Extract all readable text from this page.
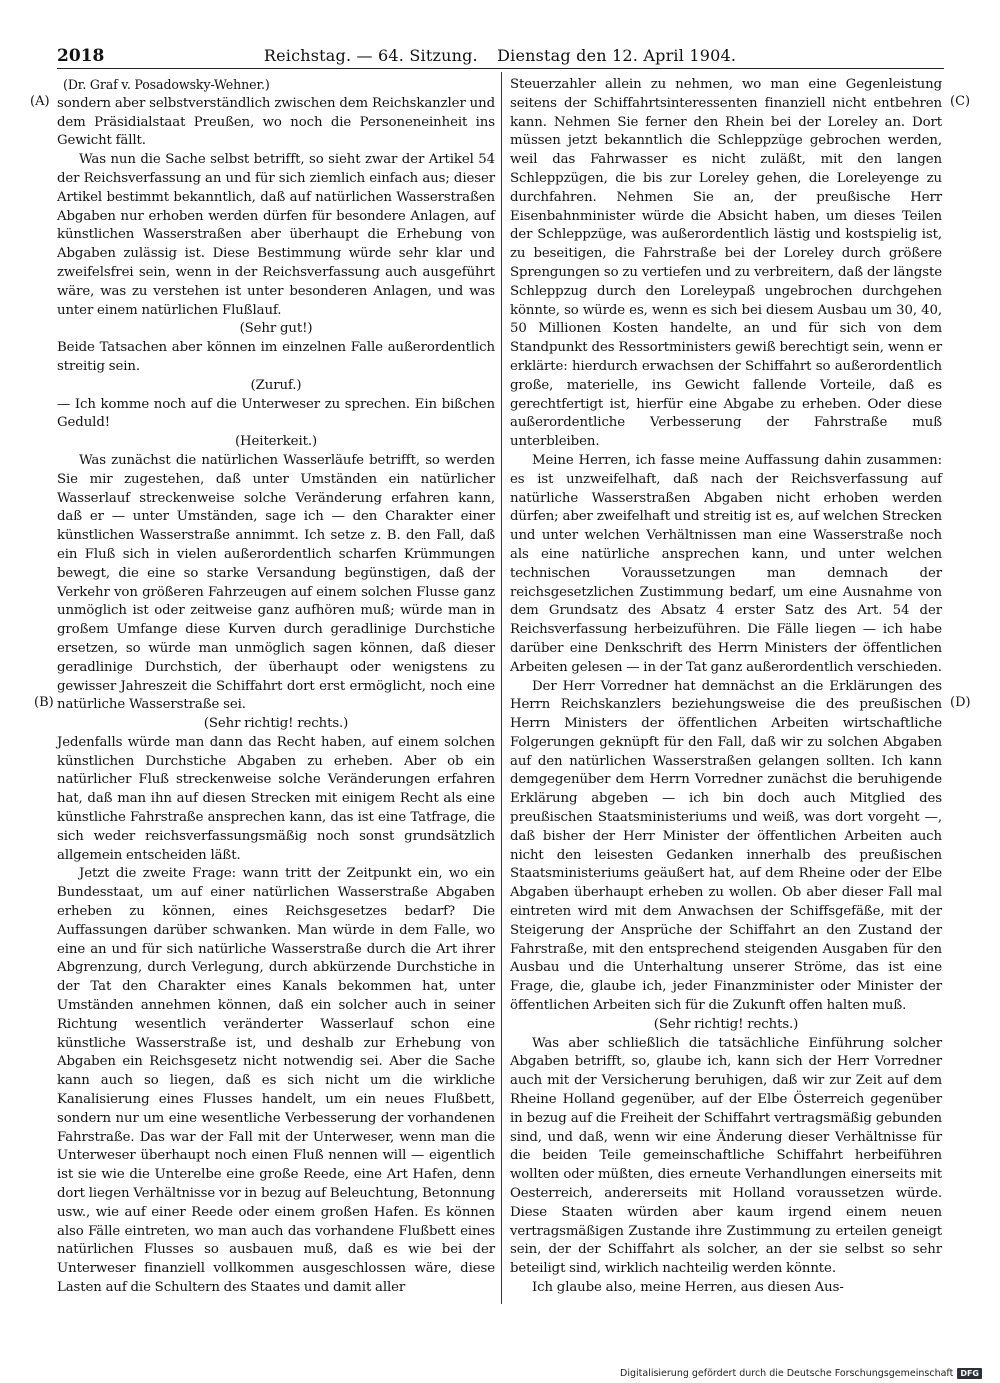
2018	Reichstag. — 64. Sitzung. Dienstag den 12. April 1904.
(A)
(B)
(C)
(D)
(Dr. Graf v. Posadowsky-Wehner.)

sondern aber selbstverständlich zwischen dem Reichskanzler und dem Präsidialstaat Preußen, wo noch die Personeneinheit ins Gewicht fällt.

Was nun die Sache selbst betrifft, so sieht zwar der Artikel 54 der Reichsverfassung an und für sich ziemlich einfach aus; dieser Artikel bestimmt bekanntlich, daß auf natürlichen Wasserstraßen Abgaben nur erhoben werden dürfen für besondere Anlagen, auf künstlichen Wasserstraßen aber überhaupt die Erhebung von Abgaben zulässig ist. Diese Bestimmung würde sehr klar und zweifelsfrei sein, wenn in der Reichsverfassung auch ausgeführt wäre, was zu verstehen ist unter besonderen Anlagen, und was unter einem natürlichen Flußlauf.

(Sehr gut!)

Beide Tatsachen aber können im einzelnen Falle außerordentlich streitig sein.

(Zuruf.)

— Ich komme noch auf die Unterweser zu sprechen. Ein bißchen Geduld!

(Heiterkeit.)

Was zunächst die natürlichen Wasserläufe betrifft, so werden Sie mir zugestehen, daß unter Umständen ein natürlicher Wasserlauf streckenweise solche Veränderung erfahren kann, daß er — unter Umständen, sage ich — den Charakter einer künstlichen Wasserstraße annimmt. Ich setze z. B. den Fall, daß ein Fluß sich in vielen außerordentlich scharfen Krümmungen bewegt, die eine so starke Versandung begünstigen, daß der Verkehr von größeren Fahrzeugen auf einem solchen Flusse ganz unmöglich ist oder zeitweise ganz aufhören muß; würde man in großem Umfange diese Kurven durch geradlinige Durchstiche ersetzen, so würde man unmöglich sagen können, daß dieser geradlinige Durchstich, der überhaupt oder wenigstens zu gewisser Jahreszeit die Schiffahrt dort erst ermöglicht, noch eine natürliche Wasserstraße sei.

(Sehr richtig! rechts.)

Jedenfalls würde man dann das Recht haben, auf einem solchen künstlichen Durchstiche Abgaben zu erheben. Aber ob ein natürlicher Fluß streckenweise solche Veränderungen erfahren hat, daß man ihn auf diesen Strecken mit einigem Recht als eine künstliche Fahrstraße ansprechen kann, das ist eine Tatfrage, die sich weder reichsverfassungsmäßig noch sonst grundsätzlich allgemein entscheiden läßt.

Jetzt die zweite Frage: wann tritt der Zeitpunkt ein, wo ein Bundesstaat, um auf einer natürlichen Wasserstraße Abgaben erheben zu können, eines Reichsgesetzes bedarf? Die Auffassungen darüber schwanken. Man würde in dem Falle, wo eine an und für sich natürliche Wasserstraße durch die Art ihrer Abgrenzung, durch Verlegung, durch abkürzende Durchstiche in der Tat den Charakter eines Kanals bekommen hat, unter Umständen annehmen können, daß ein solcher auch in seiner Richtung wesentlich veränderter Wasserlauf schon eine künstliche Wasserstraße ist, und deshalb zur Erhebung von Abgaben ein Reichsgesetz nicht notwendig sei. Aber die Sache kann auch so liegen, daß es sich nicht um die wirkliche Kanalisierung eines Flusses handelt, um ein neues Flußbett, sondern nur um eine wesentliche Verbesserung der vorhandenen Fahrstraße. Das war der Fall mit der Unterweser, wenn man die Unterweser überhaupt noch einen Fluß nennen will — eigentlich ist sie wie die Unterelbe eine große Reede, eine Art Hafen, denn dort liegen Verhältnisse vor in bezug auf Beleuchtung, Betonnung usw., wie auf einer Reede oder einem großen Hafen. Es können also Fälle eintreten, wo man auch das vorhandene Flußbett eines natürlichen Flusses so ausbauen muß, daß es wie bei der Unterweser finanziell vollkommen ausgeschlossen wäre, diese Lasten auf die Schultern des Staates und damit aller

Steuerzahler allein zu nehmen, wo man eine Gegenleistung seitens der Schiffahrtsinteressenten finanziell nicht entbehren kann. Nehmen Sie ferner den Rhein bei der Loreley an. Dort müssen jetzt bekanntlich die Schleppzüge gebrochen werden, weil das Fahrwasser es nicht zuläßt, mit den langen Schleppzügen, die bis zur Loreley gehen, die Loreleyenge zu durchfahren. Nehmen Sie an, der preußische Herr Eisenbahnminister würde die Absicht haben, um dieses Teilen der Schleppzüge, was außerordentlich lästig und kostspielig ist, zu beseitigen, die Fahrstraße bei der Loreley durch größere Sprengungen so zu vertiefen und zu verbreitern, daß der längste Schleppzug durch den Loreleypaß ungebrochen durchgehen könnte, so würde es, wenn es sich bei diesem Ausbau um 30, 40, 50 Millionen Kosten handelte, an und für sich von dem Standpunkt des Ressortministers gewiß berechtigt sein, wenn er erklärte: hierdurch erwachsen der Schiffahrt so außerordentlich große, materielle, ins Gewicht fallende Vorteile, daß es gerechtfertigt ist, hierfür eine Abgabe zu erheben. Oder diese außerordentliche Verbesserung der Fahrstraße muß unterbleiben.

Meine Herren, ich fasse meine Auffassung dahin zusammen: es ist unzweifelhaft, daß nach der Reichsverfassung auf natürliche Wasserstraßen Abgaben nicht erhoben werden dürfen; aber zweifelhaft und streitig ist es, auf welchen Strecken und unter welchen Verhältnissen man eine Wasserstraße noch als eine natürliche ansprechen kann, und unter welchen technischen Voraussetzungen man demnach der reichsgesetzlichen Zustimmung bedarf, um eine Ausnahme von dem Grundsatz des Absatz 4 erster Satz des Art. 54 der Reichsverfassung herbeizuführen. Die Fälle liegen — ich habe darüber eine Denkschrift des Herrn Ministers der öffentlichen Arbeiten gelesen — in der Tat ganz außerordentlich verschieden.

Der Herr Vorredner hat demnächst an die Erklärungen des Herrn Reichskanzlers beziehungsweise die des preußischen Herrn Ministers der öffentlichen Arbeiten wirtschaftliche Folgerungen geknüpft für den Fall, daß wir zu solchen Abgaben auf den natürlichen Wasserstraßen gelangen sollten. Ich kann demgegenüber dem Herrn Vorredner zunächst die beruhigende Erklärung abgeben — ich bin doch auch Mitglied des preußischen Staatsministeriums und weiß, was dort vorgeht —, daß bisher der Herr Minister der öffentlichen Arbeiten auch nicht den leisesten Gedanken innerhalb des preußischen Staatsministeriums geäußert hat, auf dem Rheine oder der Elbe Abgaben überhaupt erheben zu wollen. Ob aber dieser Fall mal eintreten wird mit dem Anwachsen der Schiffsgefäße, mit der Steigerung der Ansprüche der Schiffahrt an den Zustand der Fahrstraße, mit den entsprechend steigenden Ausgaben für den Ausbau und die Unterhaltung unserer Ströme, das ist eine Frage, die, glaube ich, jeder Finanzminister oder Minister der öffentlichen Arbeiten sich für die Zukunft offen halten muß.

(Sehr richtig! rechts.)

Was aber schließlich die tatsächliche Einführung solcher Abgaben betrifft, so, glaube ich, kann sich der Herr Vorredner auch mit der Versicherung beruhigen, daß wir zur Zeit auf dem Rheine Holland gegenüber, auf der Elbe Österreich gegenüber in bezug auf die Freiheit der Schiffahrt vertragsmäßig gebunden sind, und daß, wenn wir eine Änderung dieser Verhältnisse für die beiden Teile gemeinschaftliche Schiffahrt herbeiführen wollten oder müßten, dies erneute Verhandlungen einerseits mit Oesterreich, andererseits mit Holland voraussetzen würde. Diese Staaten würden aber kaum irgend einem neuen vertragsmäßigen Zustande ihre Zustimmung zu erteilen geneigt sein, der der Schiffahrt als solcher, an der sie selbst so sehr beteiligt sind, wirklich nachteilig werden könnte.

Ich glaube also, meine Herren, aus diesen Aus-

Digitalisierung gefördert durch die Deutsche Forschungsgemeinschaft DFG
